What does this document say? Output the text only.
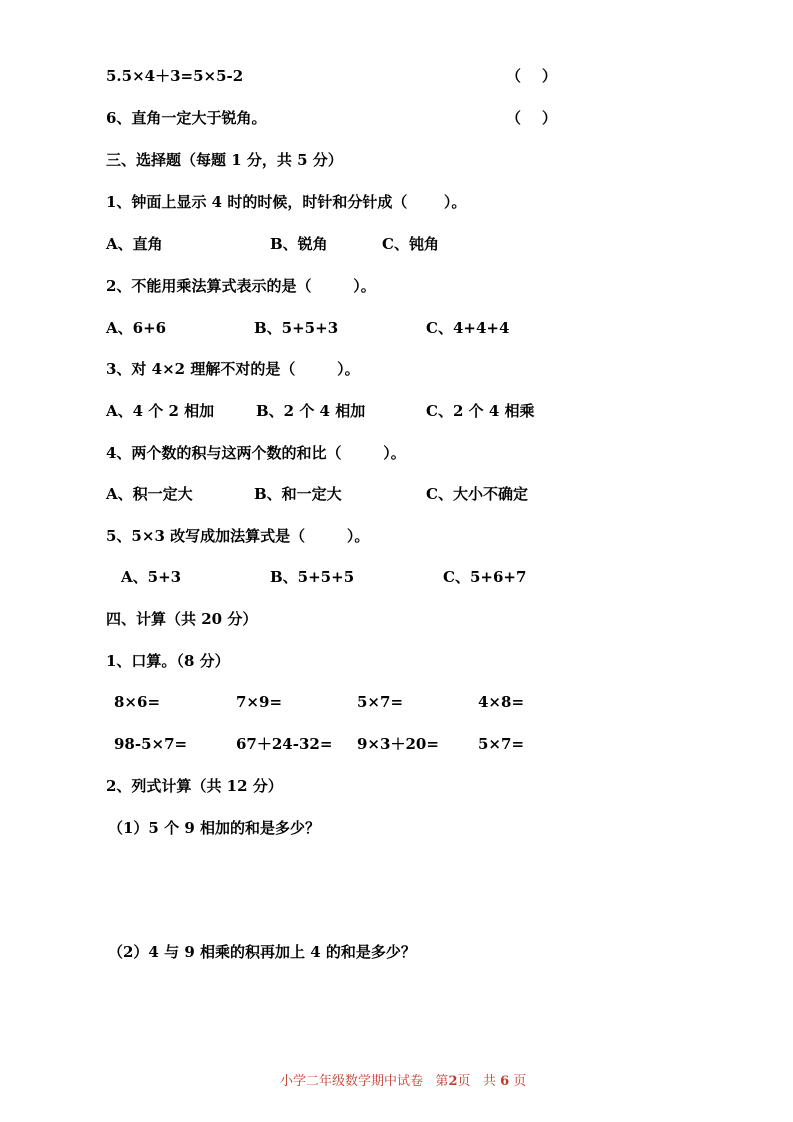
5.5×4＋3=5×5-2	（    ）
6、直角一定大于锐角。	（    ）
三、选择题（每题 1 分，共 5 分）
1、钟面上显示 4 时的时候，时针和分针成（       ）。
A、直角	B、锐角	C、钝角
2、不能用乘法算式表示的是（        ）。
A、6+6	B、5+5+3	C、4+4+4
3、对 4×2 理解不对的是（        ）。
A、4 个 2 相加	B、2 个 4 相加	C、2 个 4 相乘
4、两个数的积与这两个数的和比（        ）。
A、积一定大	B、和一定大	C、大小不确定
5、5×3 改写成加法算式是（        ）。
A、5+3	B、5+5+5	C、5+6+7
四、计算（共 20 分）
1、口算。（8 分）
8×6=	7×9=	5×7=	4×8=
98-5×7=	67＋24-32= 9×3＋20=	5×7=
2、列式计算（共 12 分）
（1）5 个 9 相加的和是多少？
（2）4 与 9 相乘的积再加上 4 的和是多少？
小学二年级数学期中试卷 第2页 共 6 页
